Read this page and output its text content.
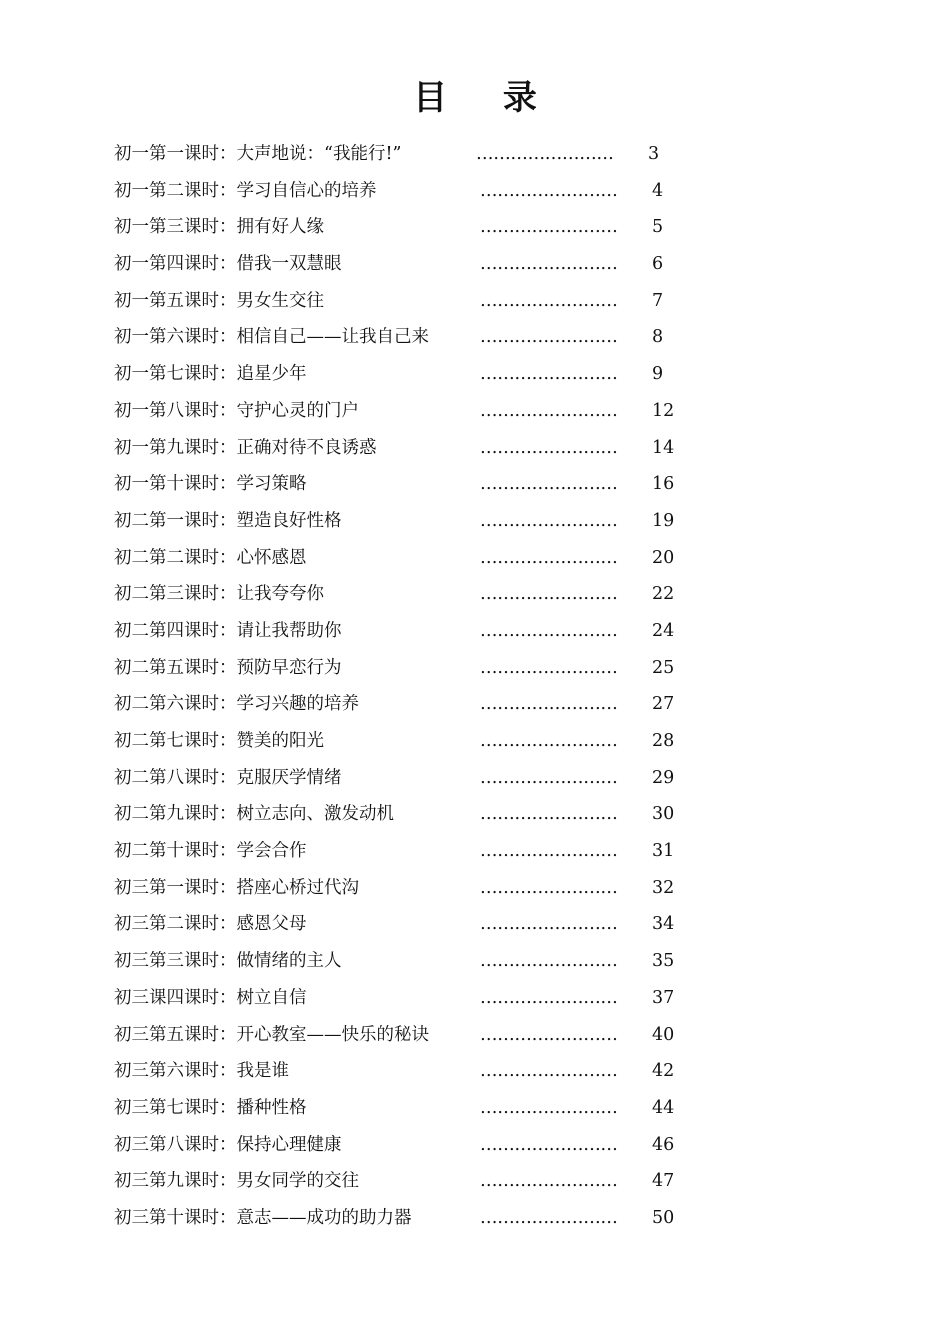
目 录
初一第一课时：大声地说：“我能行!”	…………………… 3
初一第二课时：学习自信心的培养	…………………… 4
初一第三课时：拥有好人缘	…………………… 5
初一第四课时：借我一双慧眼	…………………… 6
初一第五课时：男女生交往	…………………… 7
初一第六课时：相信自己——让我自己来	…………………… 8
初一第七课时：追星少年	…………………… 9
初一第八课时：守护心灵的门户	…………………… 12
初一第九课时：正确对待不良诱惑	…………………… 14
初一第十课时：学习策略	…………………… 16
初二第一课时：塑造良好性格	…………………… 19
初二第二课时：心怀感恩	…………………… 20
初二第三课时：让我夸夸你	…………………… 22
初二第四课时：请让我帮助你	…………………… 24
初二第五课时：预防早恋行为	…………………… 25
初二第六课时：学习兴趣的培养	…………………… 27
初二第七课时：赞美的阳光	…………………… 28
初二第八课时：克服厌学情绪	…………………… 29
初二第九课时：树立志向、激发动机	…………………… 30
初二第十课时：学会合作	…………………… 31
初三第一课时：搭座心桥过代沟	…………………… 32
初三第二课时：感恩父母	…………………… 34
初三第三课时：做情绪的主人	…………………… 35
初三课四课时：树立自信	…………………… 37
初三第五课时：开心教室——快乐的秘诀	…………………… 40
初三第六课时：我是谁	…………………… 42
初三第七课时：播种性格	…………………… 44
初三第八课时：保持心理健康	…………………… 46
初三第九课时：男女同学的交往	…………………… 47
初三第十课时：意志——成功的助力器	…………………… 50
